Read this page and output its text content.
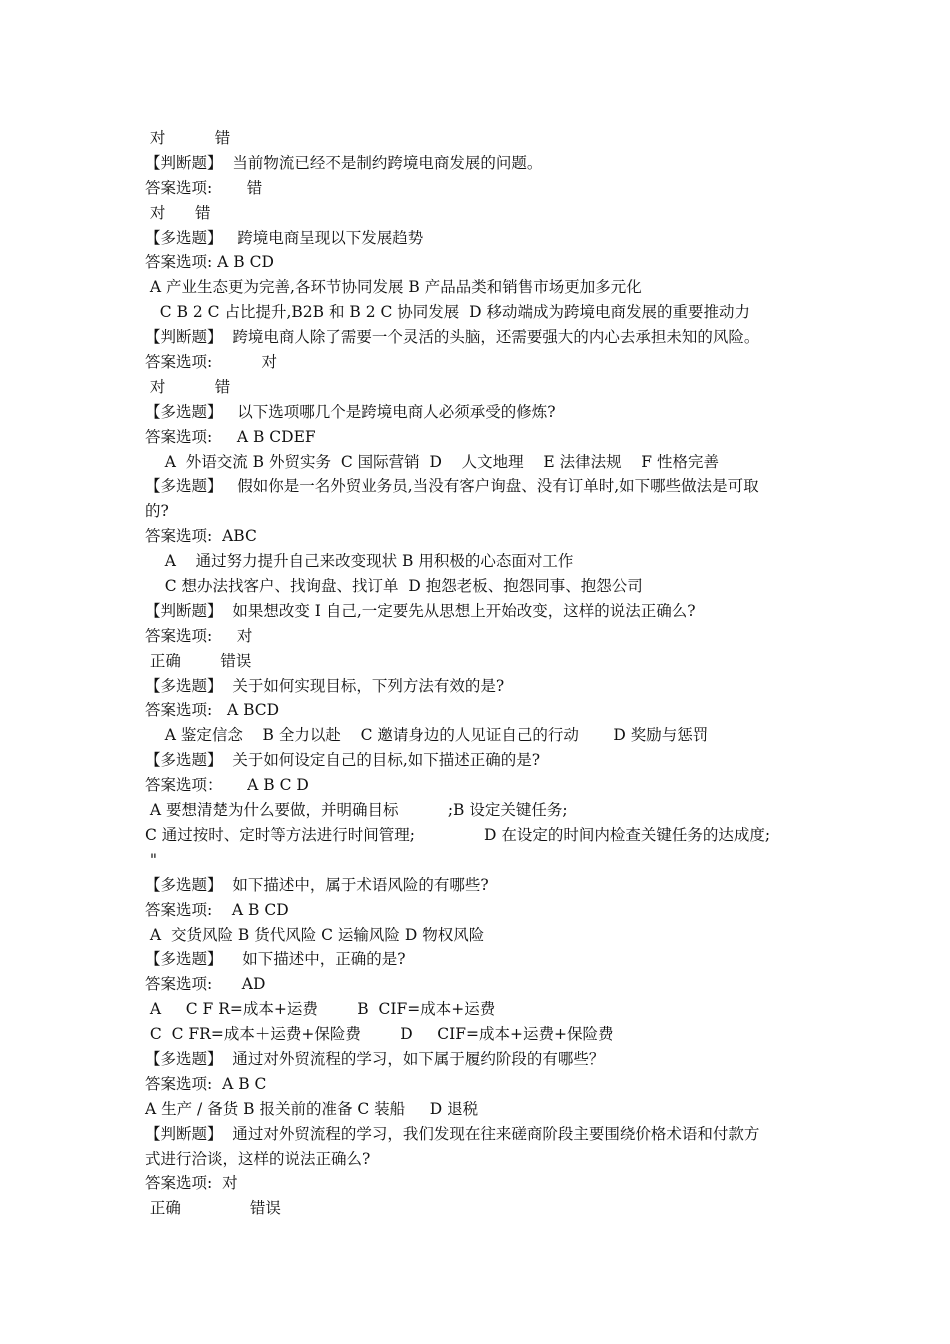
对          错
【判断题】  当前物流已经不是制约跨境电商发展的问题。
答案选项:       错
对      错
【多选题】   跨境电商呈现以下发展趋势
答案选项: A B CD
A 产业生态更为完善,各环节协同发展 B 产品品类和销售市场更加多元化
C B 2 C 占比提升,B2B 和 B 2 C 协同发展  D 移动端成为跨境电商发展的重要推动力
【判断题】  跨境电商人除了需要一个灵活的头脑，还需要强大的内心去承担未知的风险。
答案选项:          对
对          错
【多选题】   以下选项哪几个是跨境电商人必须承受的修炼?
答案选项:     A B CDEF
A  外语交流 B 外贸实务  C 国际营销  D    人文地理    E 法律法规    F 性格完善
【多选题】   假如你是一名外贸业务员,当没有客户询盘、没有订单时,如下哪些做法是可取
的?
答案选项:  ABC
A    通过努力提升自己来改变现状 B 用积极的心态面对工作
C 想办法找客户、找询盘、找订单  D 抱怨老板、抱怨同事、抱怨公司
【判断题】  如果想改变 I 自己,一定要先从思想上开始改变，这样的说法正确么?
答案选项:     对
正确        错误
【多选题】  关于如何实现目标，下列方法有效的是?
答案选项:   A BCD
A 鉴定信念    B 全力以赴    C 邀请身边的人见证自己的行动       D 奖励与惩罚
【多选题】  关于如何设定自己的目标,如下描述正确的是?
答案选项：     A B C D
A 要想清楚为什么要做，并明确目标          ;B 设定关键任务;
C 通过按时、定时等方法进行时间管理;              D 在设定的时间内检查关键任务的达成度;
"
【多选题】  如下描述中，属于术语风险的有哪些?
答案选项:    A B CD
A  交货风险 B 货代风险 C 运输风险 D 物权风险
【多选题】    如下描述中，正确的是?
答案选项:      AD
A     C F R=成本+运费        B  CIF=成本+运费
C  C FR=成本＋运费+保险费        D     CIF=成本+运费+保险费
【多选题】  通过对外贸流程的学习，如下属于履约阶段的有哪些？
答案选项:  A B C
A 生产 / 备货 B 报关前的准备 C 装船     D 退税
【判断题】  通过对外贸流程的学习，我们发现在往来磋商阶段主要围绕价格术语和付款方
式进行洽谈，这样的说法正确么?
答案选项:  对
正确              错误
